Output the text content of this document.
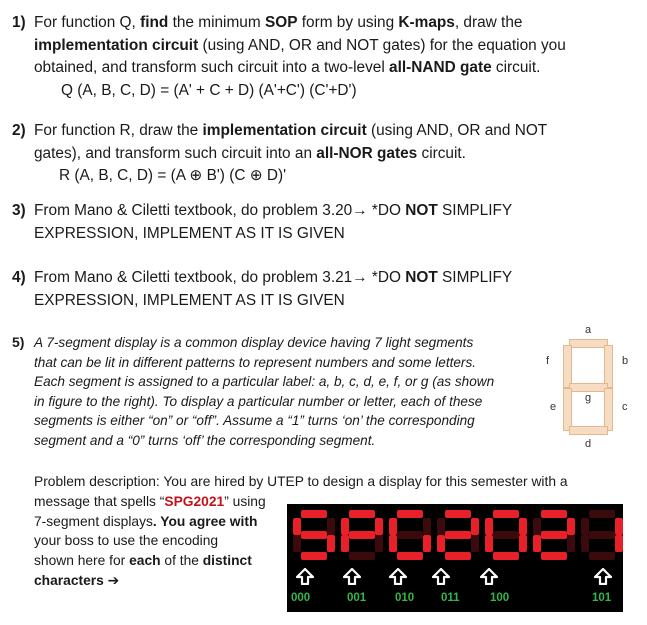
1) For function Q, find the minimum SOP form by using K-maps, draw the
implementation circuit (using AND, OR and NOT gates) for the equation you
obtained, and transform such circuit into a two-level all-NAND gate circuit.
Q (A, B, C, D) = (A' + C + D) (A'+C') (C'+D')
2) For function R, draw the implementation circuit (using AND, OR and NOT
gates), and transform such circuit into an all-NOR gates circuit.
R (A, B, C, D) = (A ⊕ B') (C ⊕ D)'
3) From Mano & Ciletti textbook, do problem 3.20→ *DO NOT SIMPLIFY
EXPRESSION, IMPLEMENT AS IT IS GIVEN
4) From Mano & Ciletti textbook, do problem 3.21→ *DO NOT SIMPLIFY
EXPRESSION, IMPLEMENT AS IT IS GIVEN
5) A 7-segment display is a common display device having 7 light segments
that can be lit in different patterns to represent numbers and some letters.
Each segment is assigned to a particular label: a, b, c, d, e, f, or g (as shown
in figure to the right). To display a particular number or letter, each of these
segments is either “on” or “off”. Assume a “1” turns ‘on’ the corresponding
segment and a “0” turns ‘off’ the corresponding segment.
a
f	b
g
e	c
d
Problem description: You are hired by UTEP to design a display for this semester with a
message that spells “SPG2021” using
7-segment displays. You agree with
your boss to use the encoding
shown here for each of the distinct
characters ➔
000	001	010 011	100	101
